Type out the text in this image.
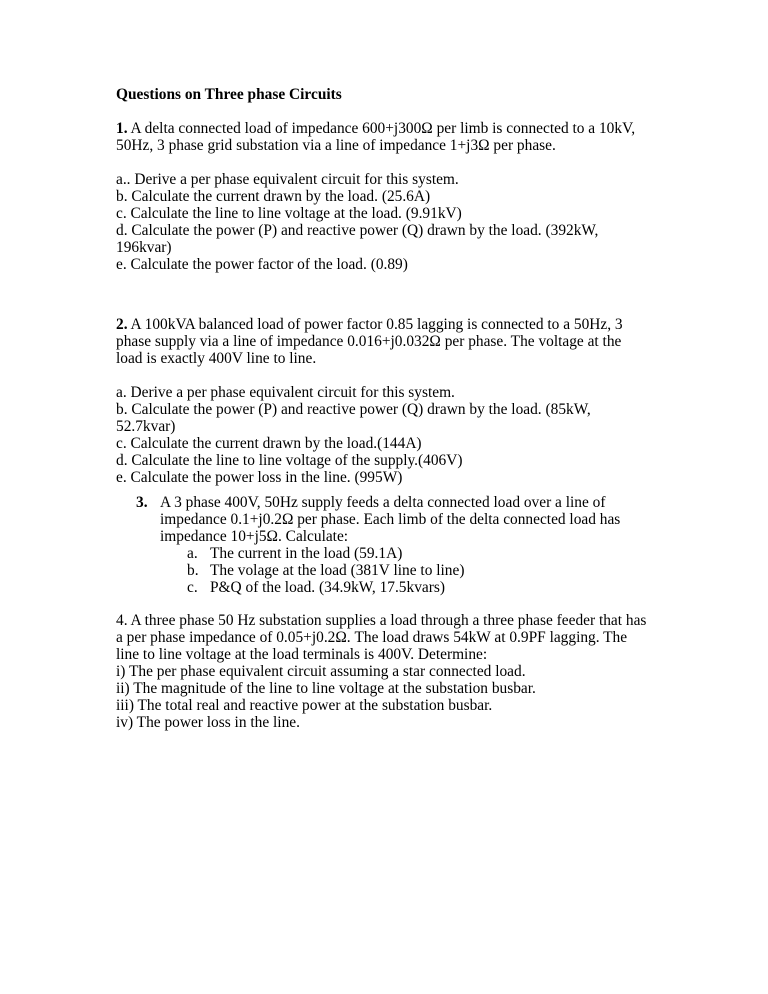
Questions on Three phase Circuits
1. A delta connected load of impedance 600+j300Ω per limb is connected to a 10kV,
50Hz, 3 phase grid substation via a line of impedance 1+j3Ω per phase.
a.. Derive a per phase equivalent circuit for this system.
b. Calculate the current drawn by the load. (25.6A)
c. Calculate the line to line voltage at the load. (9.91kV)
d. Calculate the power (P) and reactive power (Q) drawn by the load. (392kW,
196kvar)
e. Calculate the power factor of the load. (0.89)
2. A 100kVA balanced load of power factor 0.85 lagging is connected to a 50Hz, 3
phase supply via a line of impedance 0.016+j0.032Ω per phase. The voltage at the
load is exactly 400V line to line.
a. Derive a per phase equivalent circuit for this system.
b. Calculate the power (P) and reactive power (Q) drawn by the load. (85kW,
52.7kvar)
c. Calculate the current drawn by the load.(144A)
d. Calculate the line to line voltage of the supply.(406V)
e. Calculate the power loss in the line. (995W)
3. A 3 phase 400V, 50Hz supply feeds a delta connected load over a line of
impedance 0.1+j0.2Ω per phase. Each limb of the delta connected load has
impedance 10+j5Ω. Calculate:
a. The current in the load (59.1A)
b. The volage at the load (381V line to line)
c. P&Q of the load. (34.9kW, 17.5kvars)
4. A three phase 50 Hz substation supplies a load through a three phase feeder that has
a per phase impedance of 0.05+j0.2Ω. The load draws 54kW at 0.9PF lagging. The
line to line voltage at the load terminals is 400V. Determine:
i) The per phase equivalent circuit assuming a star connected load.
ii) The magnitude of the line to line voltage at the substation busbar.
iii) The total real and reactive power at the substation busbar.
iv) The power loss in the line.
